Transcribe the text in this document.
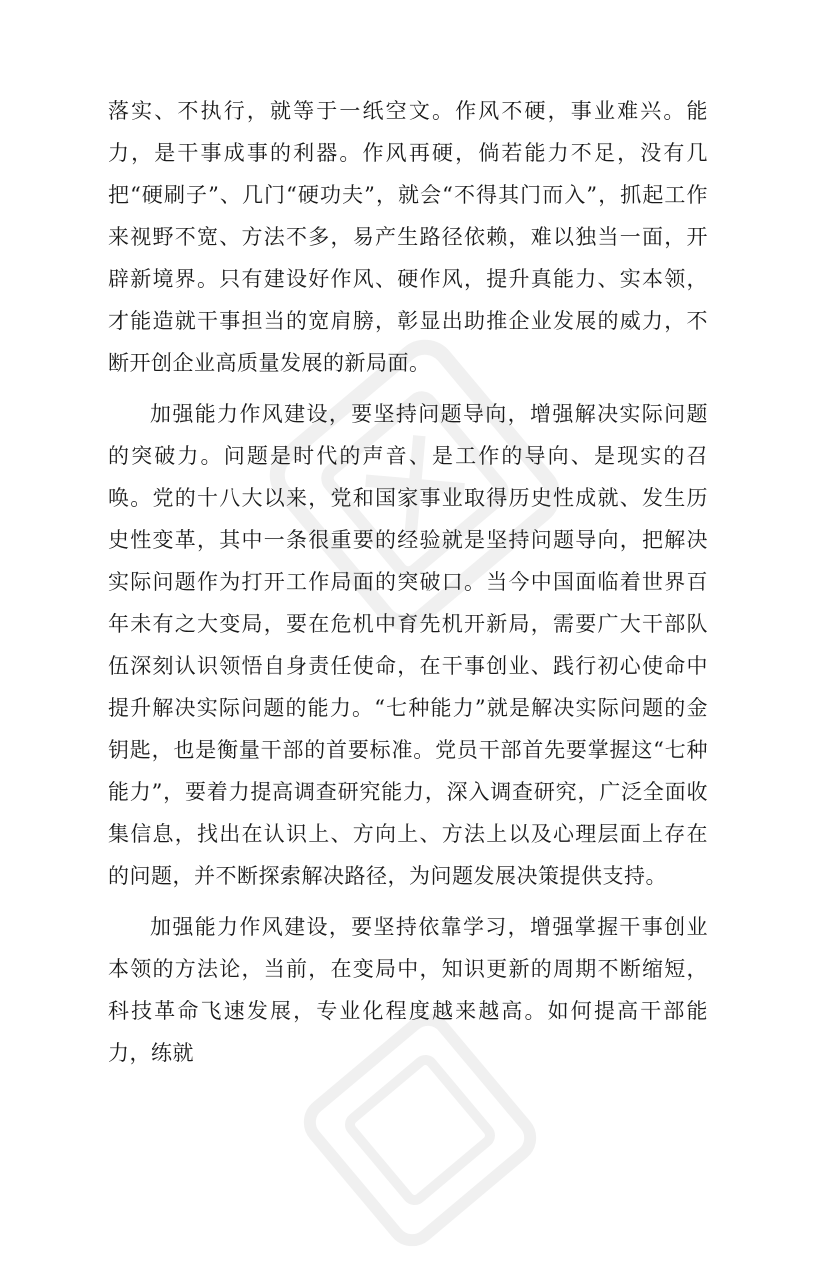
落实、不执行，就等于一纸空文。作风不硬，事业难兴。能力，是干事成事的利器。作风再硬，倘若能力不足，没有几把“硬刷子”、几门“硬功夫”，就会“不得其门而入”，抓起工作来视野不宽、方法不多，易产生路径依赖，难以独当一面，开辟新境界。只有建设好作风、硬作风，提升真能力、实本领，才能造就干事担当的宽肩膀，彰显出助推企业发展的威力，不断开创企业高质量发展的新局面。

加强能力作风建设，要坚持问题导向，增强解决实际问题的突破力。问题是时代的声音、是工作的导向、是现实的召唤。党的十八大以来，党和国家事业取得历史性成就、发生历史性变革，其中一条很重要的经验就是坚持问题导向，把解决实际问题作为打开工作局面的突破口。当今中国面临着世界百年未有之大变局，要在危机中育先机开新局，需要广大干部队伍深刻认识领悟自身责任使命，在干事创业、践行初心使命中提升解决实际问题的能力。“七种能力”就是解决实际问题的金钥匙，也是衡量干部的首要标准。党员干部首先要掌握这“七种能力”，要着力提高调查研究能力，深入调查研究，广泛全面收集信息，找出在认识上、方向上、方法上以及心理层面上存在的问题，并不断探索解决路径，为问题发展决策提供支持。

加强能力作风建设，要坚持依靠学习，增强掌握干事创业本领的方法论，当前，在变局中，知识更新的周期不断缩短，科技革命飞速发展，专业化程度越来越高。如何提高干部能力，练就
